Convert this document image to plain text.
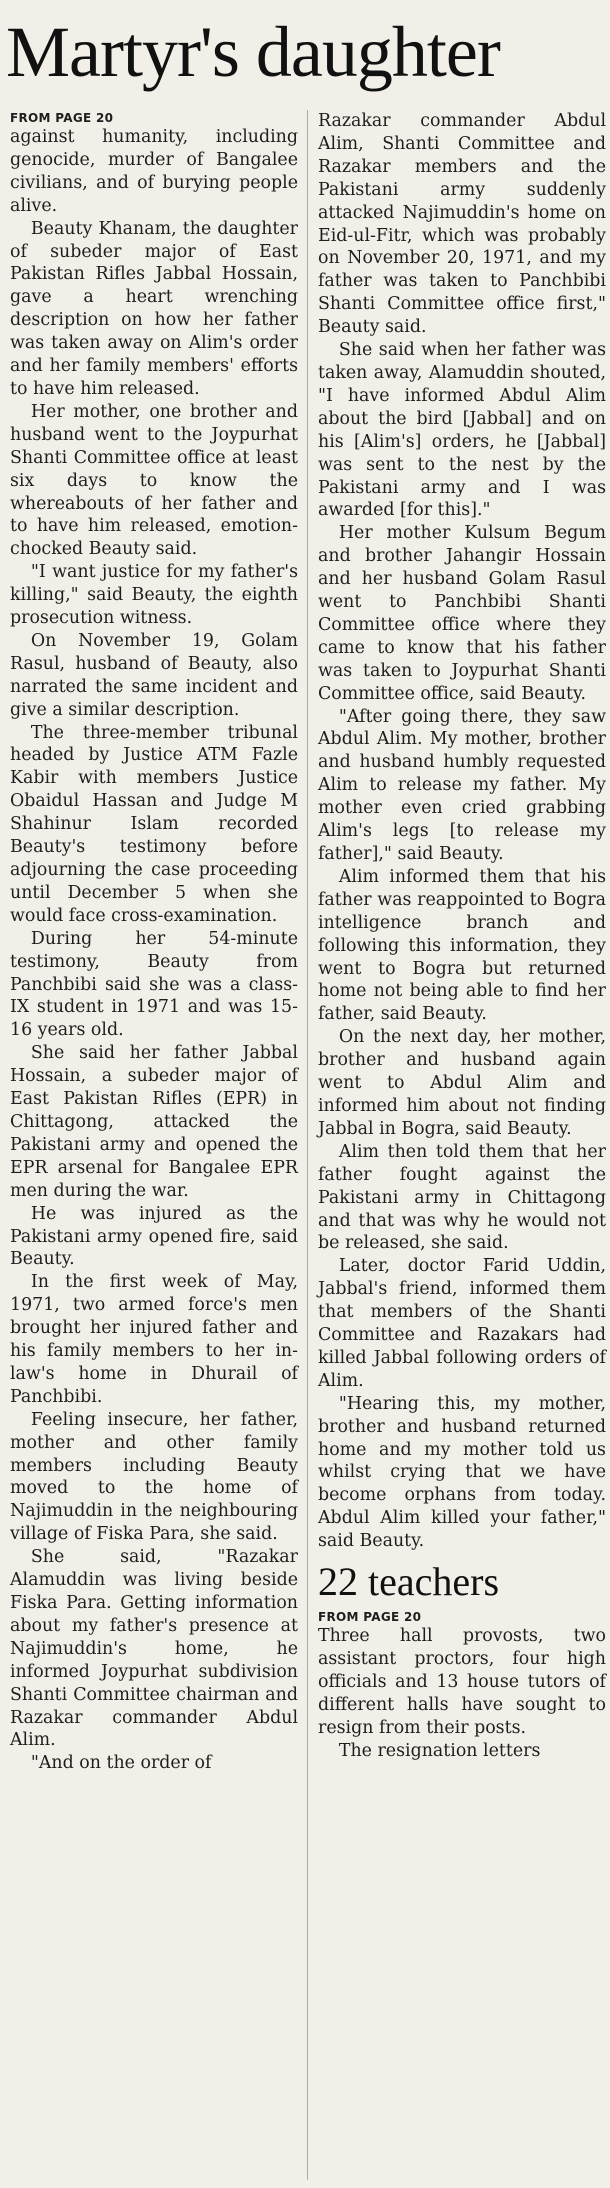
Martyr's daughter
FROM PAGE 20

against humanity, including genocide, murder of Bangalee civilians, and of burying people alive.

Beauty Khanam, the daughter of subeder major of East Pakistan Rifles Jabbal Hossain, gave a heart wrenching description on how her father was taken away on Alim's order and her family members' efforts to have him released.

Her mother, one brother and husband went to the Joypurhat Shanti Committee office at least six days to know the whereabouts of her father and to have him released, emotion-chocked Beauty said.

"I want justice for my father's killing," said Beauty, the eighth prosecution witness.

On November 19, Golam Rasul, husband of Beauty, also narrated the same incident and give a similar description.

The three-member tribunal headed by Justice ATM Fazle Kabir with members Justice Obaidul Hassan and Judge M Shahinur Islam recorded Beauty's testimony before adjourning the case proceeding until December 5 when she would face cross-examination.

During her 54-minute testimony, Beauty from Panchbibi said she was a class-IX student in 1971 and was 15-16 years old.

She said her father Jabbal Hossain, a subeder major of East Pakistan Rifles (EPR) in Chittagong, attacked the Pakistani army and opened the EPR arsenal for Bangalee EPR men during the war.

He was injured as the Pakistani army opened fire, said Beauty.

In the first week of May, 1971, two armed force's men brought her injured father and his family members to her in-law's home in Dhurail of Panchbibi.

Feeling insecure, her father, mother and other family members including Beauty moved to the home of Najimuddin in the neighbouring village of Fiska Para, she said.

She said, "Razakar Alamuddin was living beside Fiska Para. Getting information about my father's presence at Najimuddin's home, he informed Joypurhat subdivision Shanti Committee chairman and Razakar commander Abdul Alim.

"And on the order of

Razakar commander Abdul Alim, Shanti Committee and Razakar members and the Pakistani army suddenly attacked Najimuddin's home on Eid-ul-Fitr, which was probably on November 20, 1971, and my father was taken to Panchbibi Shanti Committee office first," Beauty said.

She said when her father was taken away, Alamuddin shouted, "I have informed Abdul Alim about the bird [Jabbal] and on his [Alim's] orders, he [Jabbal] was sent to the nest by the Pakistani army and I was awarded [for this]."

Her mother Kulsum Begum and brother Jahangir Hossain and her husband Golam Rasul went to Panchbibi Shanti Committee office where they came to know that his father was taken to Joypurhat Shanti Committee office, said Beauty.

"After going there, they saw Abdul Alim. My mother, brother and husband humbly requested Alim to release my father. My mother even cried grabbing Alim's legs [to release my father]," said Beauty.

Alim informed them that his father was reappointed to Bogra intelligence branch and following this information, they went to Bogra but returned home not being able to find her father, said Beauty.

On the next day, her mother, brother and husband again went to Abdul Alim and informed him about not finding Jabbal in Bogra, said Beauty.

Alim then told them that her father fought against the Pakistani army in Chittagong and that was why he would not be released, she said.

Later, doctor Farid Uddin, Jabbal's friend, informed them that members of the Shanti Committee and Razakars had killed Jabbal following orders of Alim.

"Hearing this, my mother, brother and husband returned home and my mother told us whilst crying that we have become orphans from today. Abdul Alim killed your father," said Beauty.

22 teachers
FROM PAGE 20

Three hall provosts, two assistant proctors, four high officials and 13 house tutors of different halls have sought to resign from their posts.

The resignation letters
